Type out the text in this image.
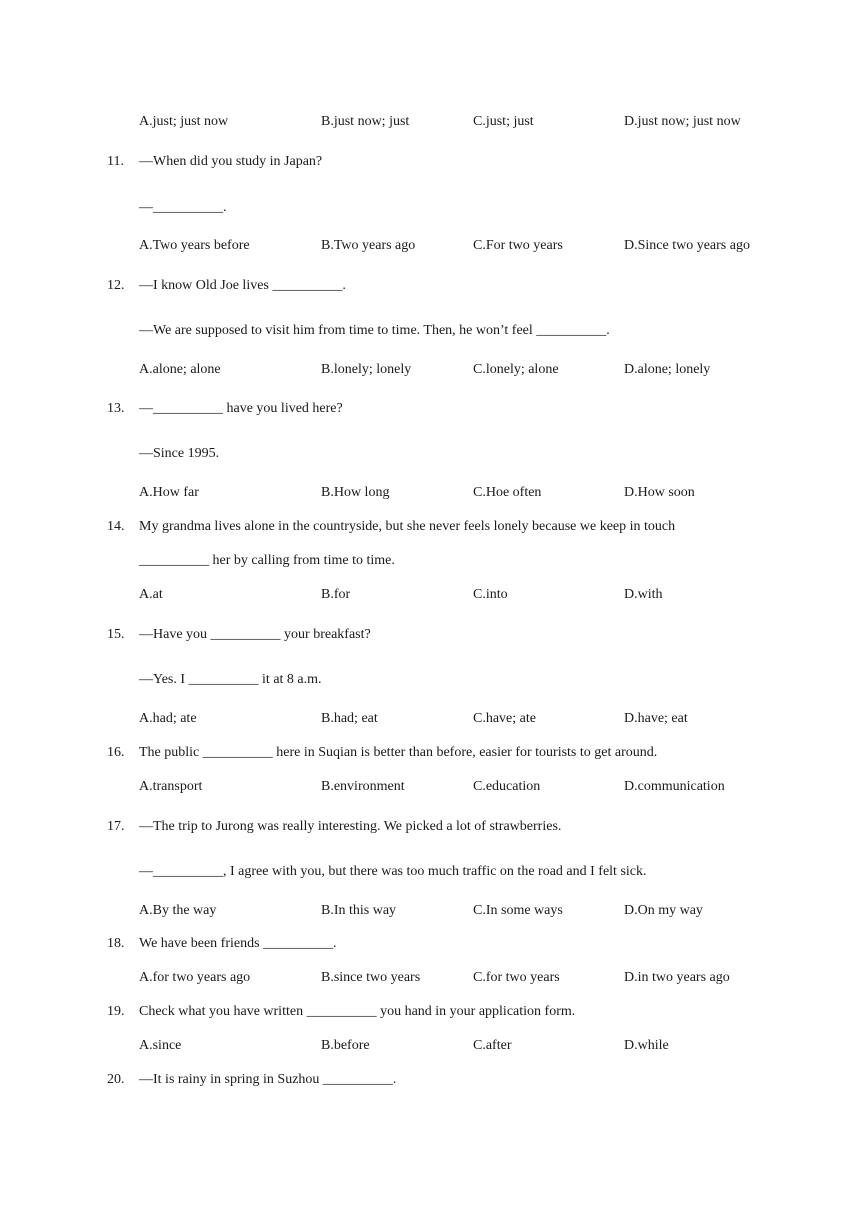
A.just; just now	B.just now; just	C.just; just	D.just now; just now
11. —When did you study in Japan?
—__________.
A.Two years before	B.Two years ago	C.For two years	D.Since two years ago
12. —I know Old Joe lives __________.
—We are supposed to visit him from time to time. Then, he won’t feel __________.
A.alone; alone	B.lonely; lonely	C.lonely; alone	D.alone; lonely
13. —__________ have you lived here?
—Since 1995.
A.How far	B.How long	C.Hoe often	D.How soon
14. My grandma lives alone in the countryside, but she never feels lonely because we keep in touch
__________ her by calling from time to time.
A.at	B.for	C.into	D.with
15. —Have you __________ your breakfast?
—Yes. I __________ it at 8 a.m.
A.had; ate	B.had; eat	C.have; ate	D.have; eat
16. The public __________ here in Suqian is better than before, easier for tourists to get around.
A.transport	B.environment	C.education	D.communication
17. —The trip to Jurong was really interesting. We picked a lot of strawberries.
—__________, I agree with you, but there was too much traffic on the road and I felt sick.
A.By the way	B.In this way	C.In some ways	D.On my way
18. We have been friends __________.
A.for two years ago	B.since two years	C.for two years	D.in two years ago
19. Check what you have written __________ you hand in your application form.
A.since	B.before	C.after	D.while
20. —It is rainy in spring in Suzhou __________.
